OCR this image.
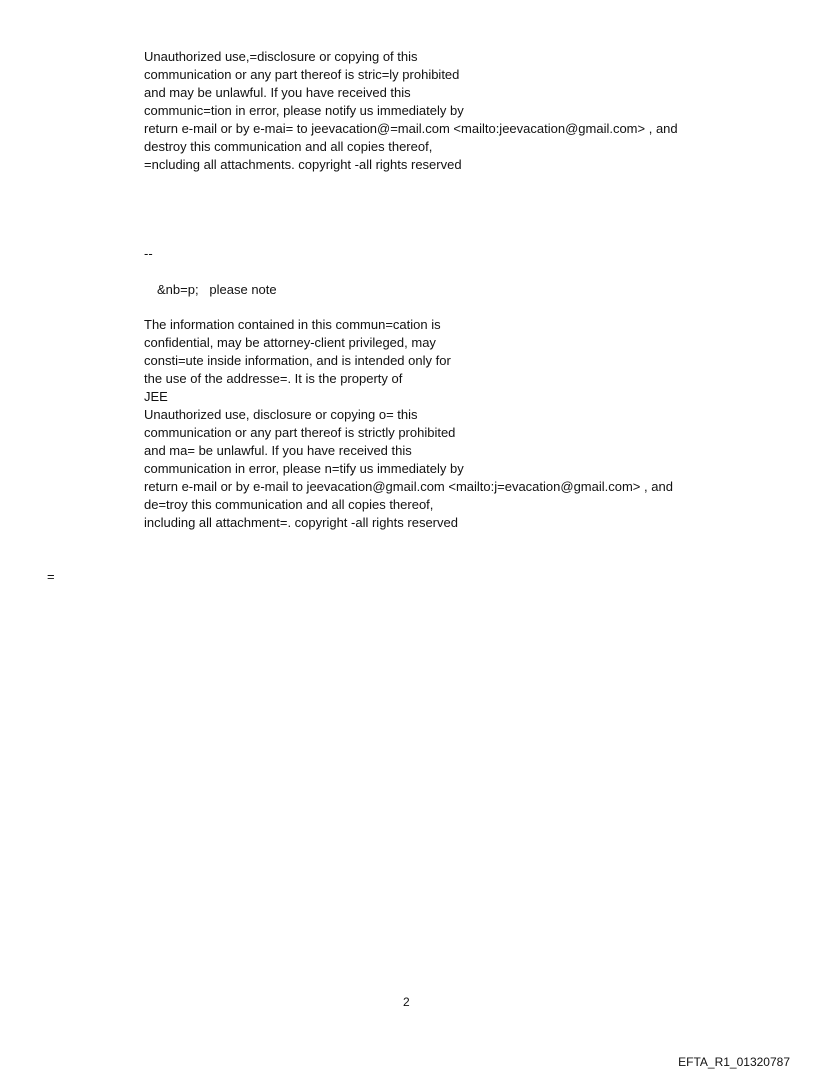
Unauthorized use,=disclosure or copying of this
communication or any part thereof is stric=ly prohibited
and may be unlawful. If you have received this
communic=tion in error, please notify us immediately by
return e-mail or by e-mai= to jeevacation@=mail.com <mailto:jeevacation@gmail.com> , and
destroy this communication and all copies thereof,
=ncluding all attachments. copyright -all rights reserved
--
&nb=p;   please note
The information contained in this commun=cation is
confidential, may be attorney-client privileged, may
consti=ute inside information, and is intended only for
the use of the addresse=. It is the property of
JEE
Unauthorized use, disclosure or copying o= this
communication or any part thereof is strictly prohibited
and ma= be unlawful. If you have received this
communication in error, please n=tify us immediately by
return e-mail or by e-mail to jeevacation@gmail.com <mailto:j=evacation@gmail.com> , and
de=troy this communication and all copies thereof,
including all attachment=. copyright -all rights reserved
=
2
EFTA_R1_01320787
